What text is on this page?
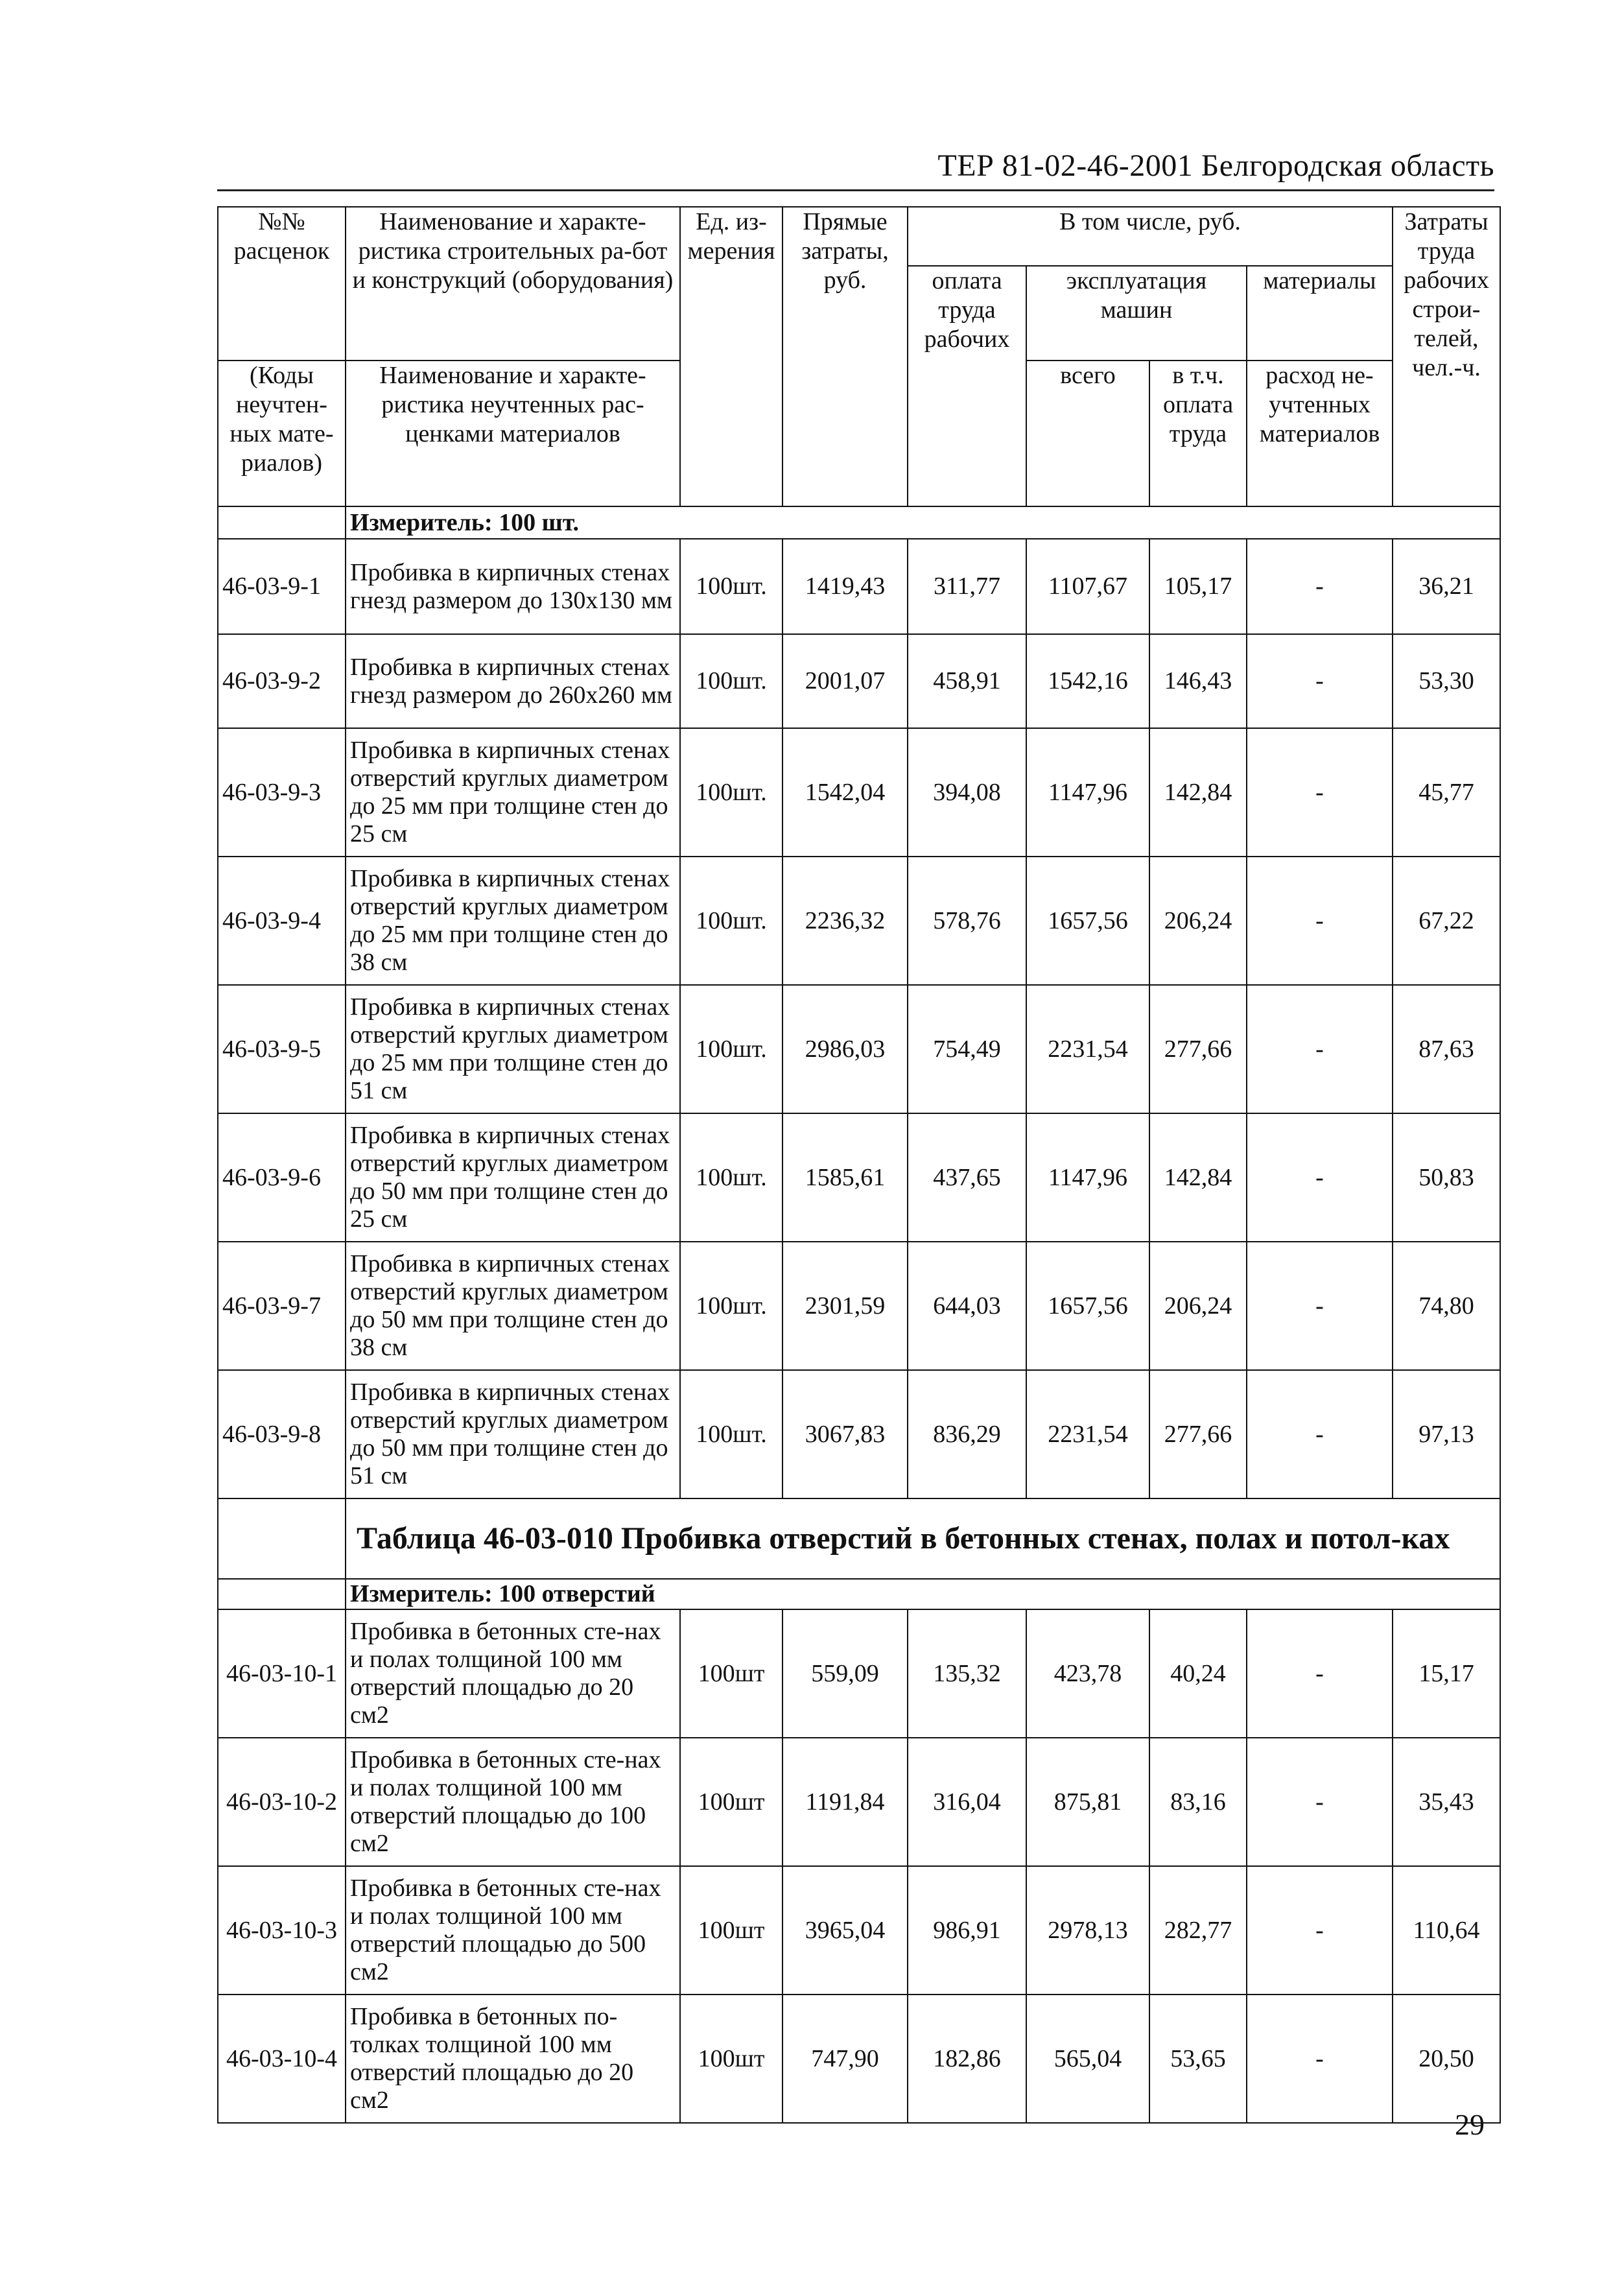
ТЕР 81-02-46-2001 Белгородская область
№№ расценок	Наименование и характе-ристика строительных ра-бот и конструкций (оборудования)	Ед. из-мерения	Прямые затраты, руб.	В том числе, руб.				Затраты труда рабочих строи-телей, чел.-ч.
				оплата труда рабочих	эксплуатация машин		материалы	
(Коды неучтен-ных мате-риалов)	Наименование и характе-ристика неучтенных рас-ценками материалов				всего	в т.ч. оплата труда	расход не-учтенных материалов	
	Измеритель: 100 шт.							
46-03-9-1	Пробивка в кирпичных стенах гнезд размером до 130x130 мм	100шт.	1419,43	311,77	1107,67	105,17	-	36,21
46-03-9-2	Пробивка в кирпичных стенах гнезд размером до 260x260 мм	100шт.	2001,07	458,91	1542,16	146,43	-	53,30
46-03-9-3	Пробивка в кирпичных стенах отверстий круглых диаметром до 25 мм при толщине стен до 25 см	100шт.	1542,04	394,08	1147,96	142,84	-	45,77
46-03-9-4	Пробивка в кирпичных стенах отверстий круглых диаметром до 25 мм при толщине стен до 38 см	100шт.	2236,32	578,76	1657,56	206,24	-	67,22
46-03-9-5	Пробивка в кирпичных стенах отверстий круглых диаметром до 25 мм при толщине стен до 51 см	100шт.	2986,03	754,49	2231,54	277,66	-	87,63
46-03-9-6	Пробивка в кирпичных стенах отверстий круглых диаметром до 50 мм при толщине стен до 25 см	100шт.	1585,61	437,65	1147,96	142,84	-	50,83
46-03-9-7	Пробивка в кирпичных стенах отверстий круглых диаметром до 50 мм при толщине стен до 38 см	100шт.	2301,59	644,03	1657,56	206,24	-	74,80
46-03-9-8	Пробивка в кирпичных стенах отверстий круглых диаметром до 50 мм при толщине стен до 51 см	100шт.	3067,83	836,29	2231,54	277,66	-	97,13
	Таблица 46-03-010 Пробивка отверстий в бетонных стенах, полах и потол-ках							
	Измеритель: 100 отверстий							
46-03-10-1	Пробивка в бетонных сте-нах и полах толщиной 100 мм отверстий площадью до 20 см2	100шт	559,09	135,32	423,78	40,24	-	15,17
46-03-10-2	Пробивка в бетонных сте-нах и полах толщиной 100 мм отверстий площадью до 100 см2	100шт	1191,84	316,04	875,81	83,16	-	35,43
46-03-10-3	Пробивка в бетонных сте-нах и полах толщиной 100 мм отверстий площадью до 500 см2	100шт	3965,04	986,91	2978,13	282,77	-	110,64
46-03-10-4	Пробивка в бетонных по-толках толщиной 100 мм отверстий площадью до 20 см2	100шт	747,90	182,86	565,04	53,65	-	20,50
29
